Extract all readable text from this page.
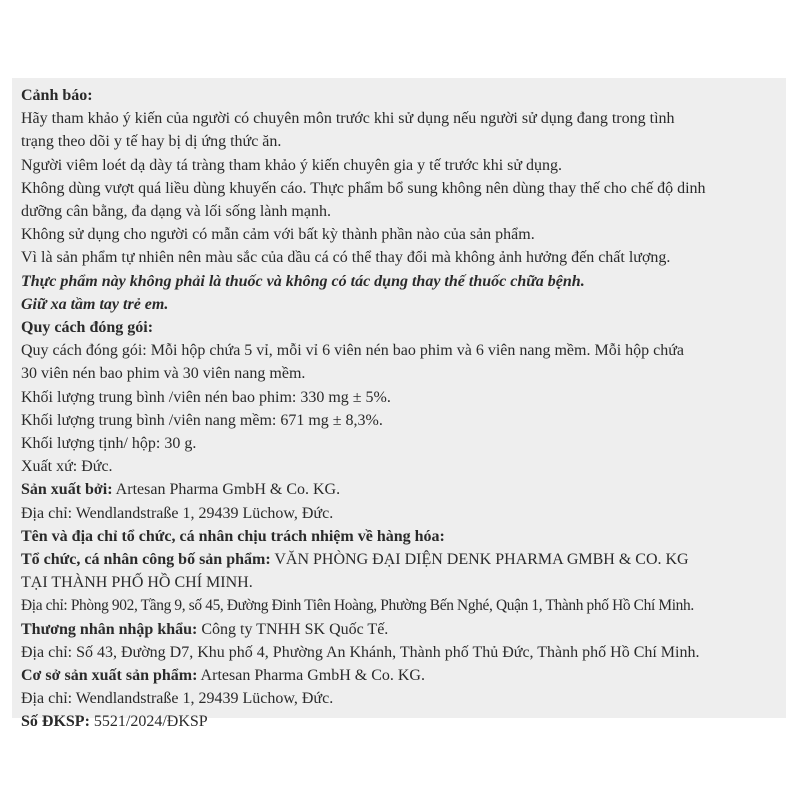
Cảnh báo:

Hãy tham khảo ý kiến của người có chuyên môn trước khi sử dụng nếu người sử dụng đang trong tình

trạng theo dõi y tế hay bị dị ứng thức ăn.

Người viêm loét dạ dày tá tràng tham khảo ý kiến chuyên gia y tế trước khi sử dụng.

Không dùng vượt quá liều dùng khuyến cáo. Thực phẩm bổ sung không nên dùng thay thế cho chế độ dinh

dưỡng cân bằng, đa dạng và lối sống lành mạnh.

Không sử dụng cho người có mẫn cảm với bất kỳ thành phần nào của sản phẩm.

Vì là sản phẩm tự nhiên nên màu sắc của dầu cá có thể thay đổi mà không ảnh hưởng đến chất lượng.

Thực phẩm này không phải là thuốc và không có tác dụng thay thế thuốc chữa bệnh.

Giữ xa tầm tay trẻ em.

Quy cách đóng gói:

Quy cách đóng gói: Mỗi hộp chứa 5 vỉ, mỗi vỉ 6 viên nén bao phim và 6 viên nang mềm. Mỗi hộp chứa

30 viên nén bao phim và 30 viên nang mềm.

Khối lượng trung bình /viên nén bao phim: 330 mg ± 5%.

Khối lượng trung bình /viên nang mềm: 671 mg ± 8,3%.

Khối lượng tịnh/ hộp: 30 g.

Xuất xứ: Đức.

Sản xuất bởi: Artesan Pharma GmbH & Co. KG.

Địa chỉ: Wendlandstraße 1, 29439 Lüchow, Đức.

Tên và địa chỉ tổ chức, cá nhân chịu trách nhiệm về hàng hóa:

Tổ chức, cá nhân công bố sản phẩm: VĂN PHÒNG ĐẠI DIỆN DENK PHARMA GMBH & CO. KG

TẠI THÀNH PHỐ HỒ CHÍ MINH.

Địa chỉ: Phòng 902, Tầng 9, số 45, Đường Đinh Tiên Hoàng, Phường Bến Nghé, Quận 1, Thành phố Hồ Chí Minh.

Thương nhân nhập khẩu: Công ty TNHH SK Quốc Tế.

Địa chỉ: Số 43, Đường D7, Khu phố 4, Phường An Khánh, Thành phố Thủ Đức, Thành phố Hồ Chí Minh.

Cơ sở sản xuất sản phẩm: Artesan Pharma GmbH & Co. KG.

Địa chỉ: Wendlandstraße 1, 29439 Lüchow, Đức.

Số ĐKSP: 5521/2024/ĐKSP
